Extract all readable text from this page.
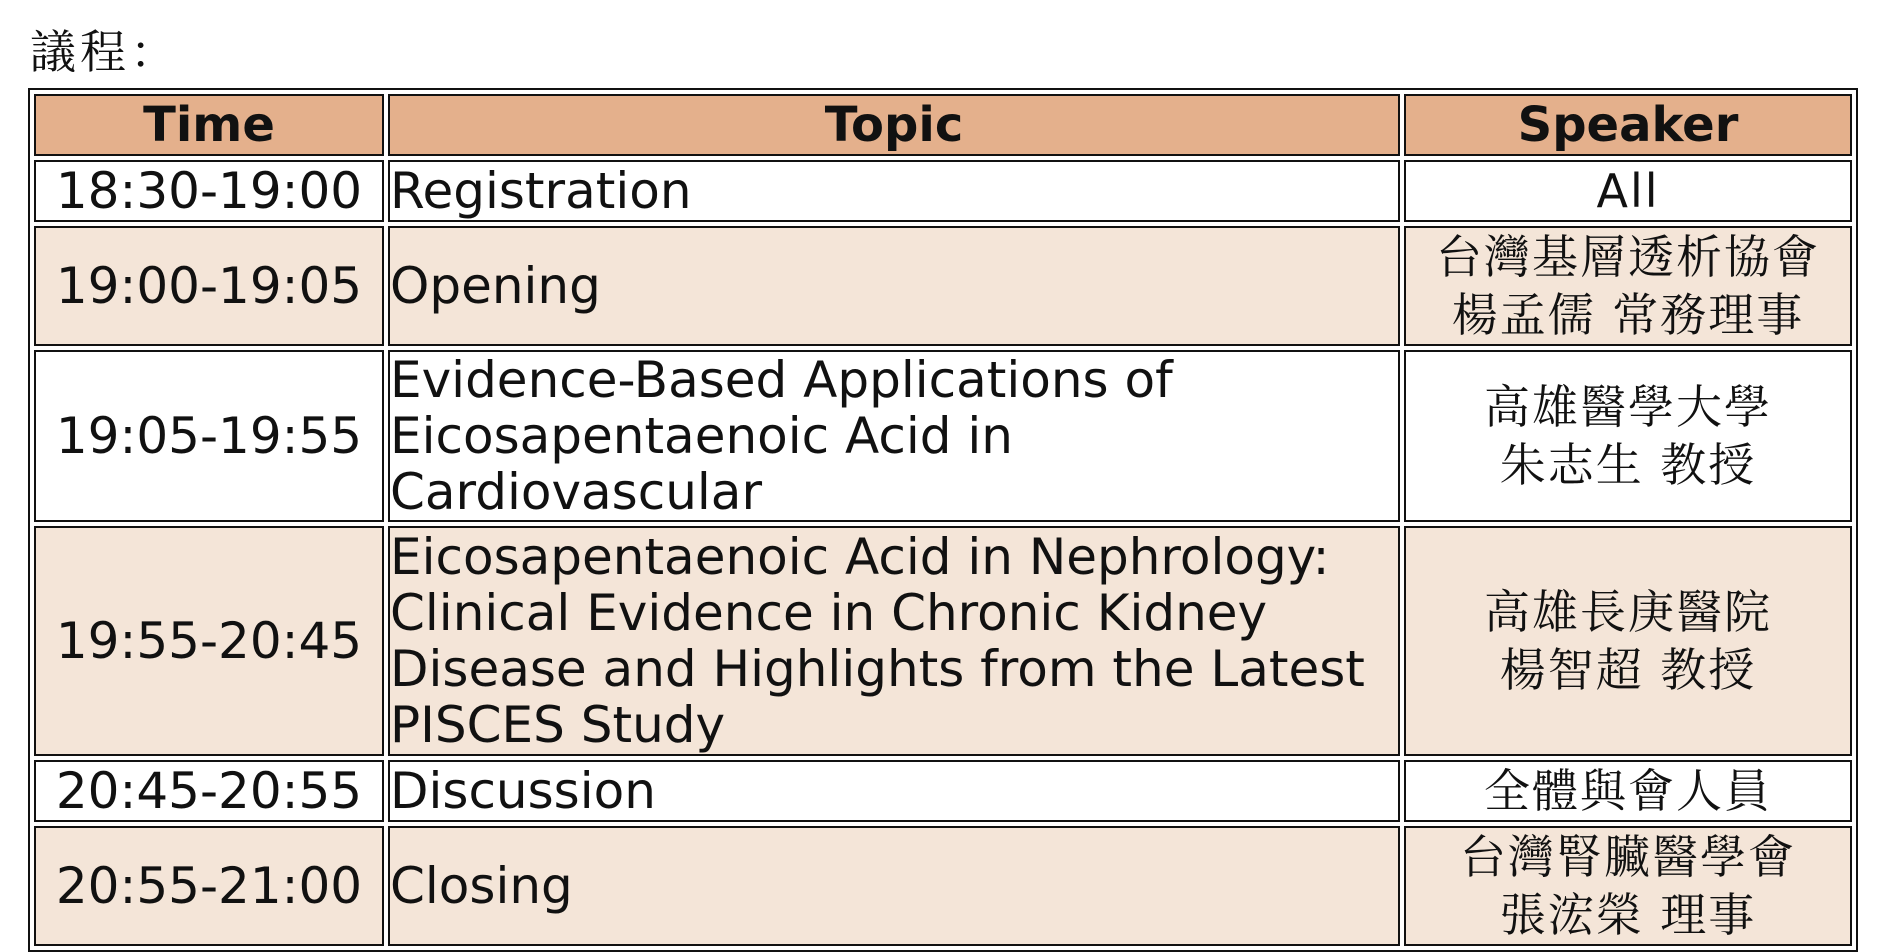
議程：
Time	Topic	Speaker
18:30-19:00	Registration	All

19:00-19:05	Opening	台灣基層透析協會
楊孟儒 常務理事

19:05-19:55	Evidence-Based Applications of
Eicosapentaenoic Acid in Cardiovascular	高雄醫學大學
朱志生 教授

19:55-20:45	Eicosapentaenoic Acid in Nephrology:
Clinical Evidence in Chronic Kidney
Disease and Highlights from the Latest
PISCES Study	高雄長庚醫院
楊智超 教授

20:45-20:55	Discussion	全體與會人員

20:55-21:00	Closing	台灣腎臟醫學會
張浤榮 理事
